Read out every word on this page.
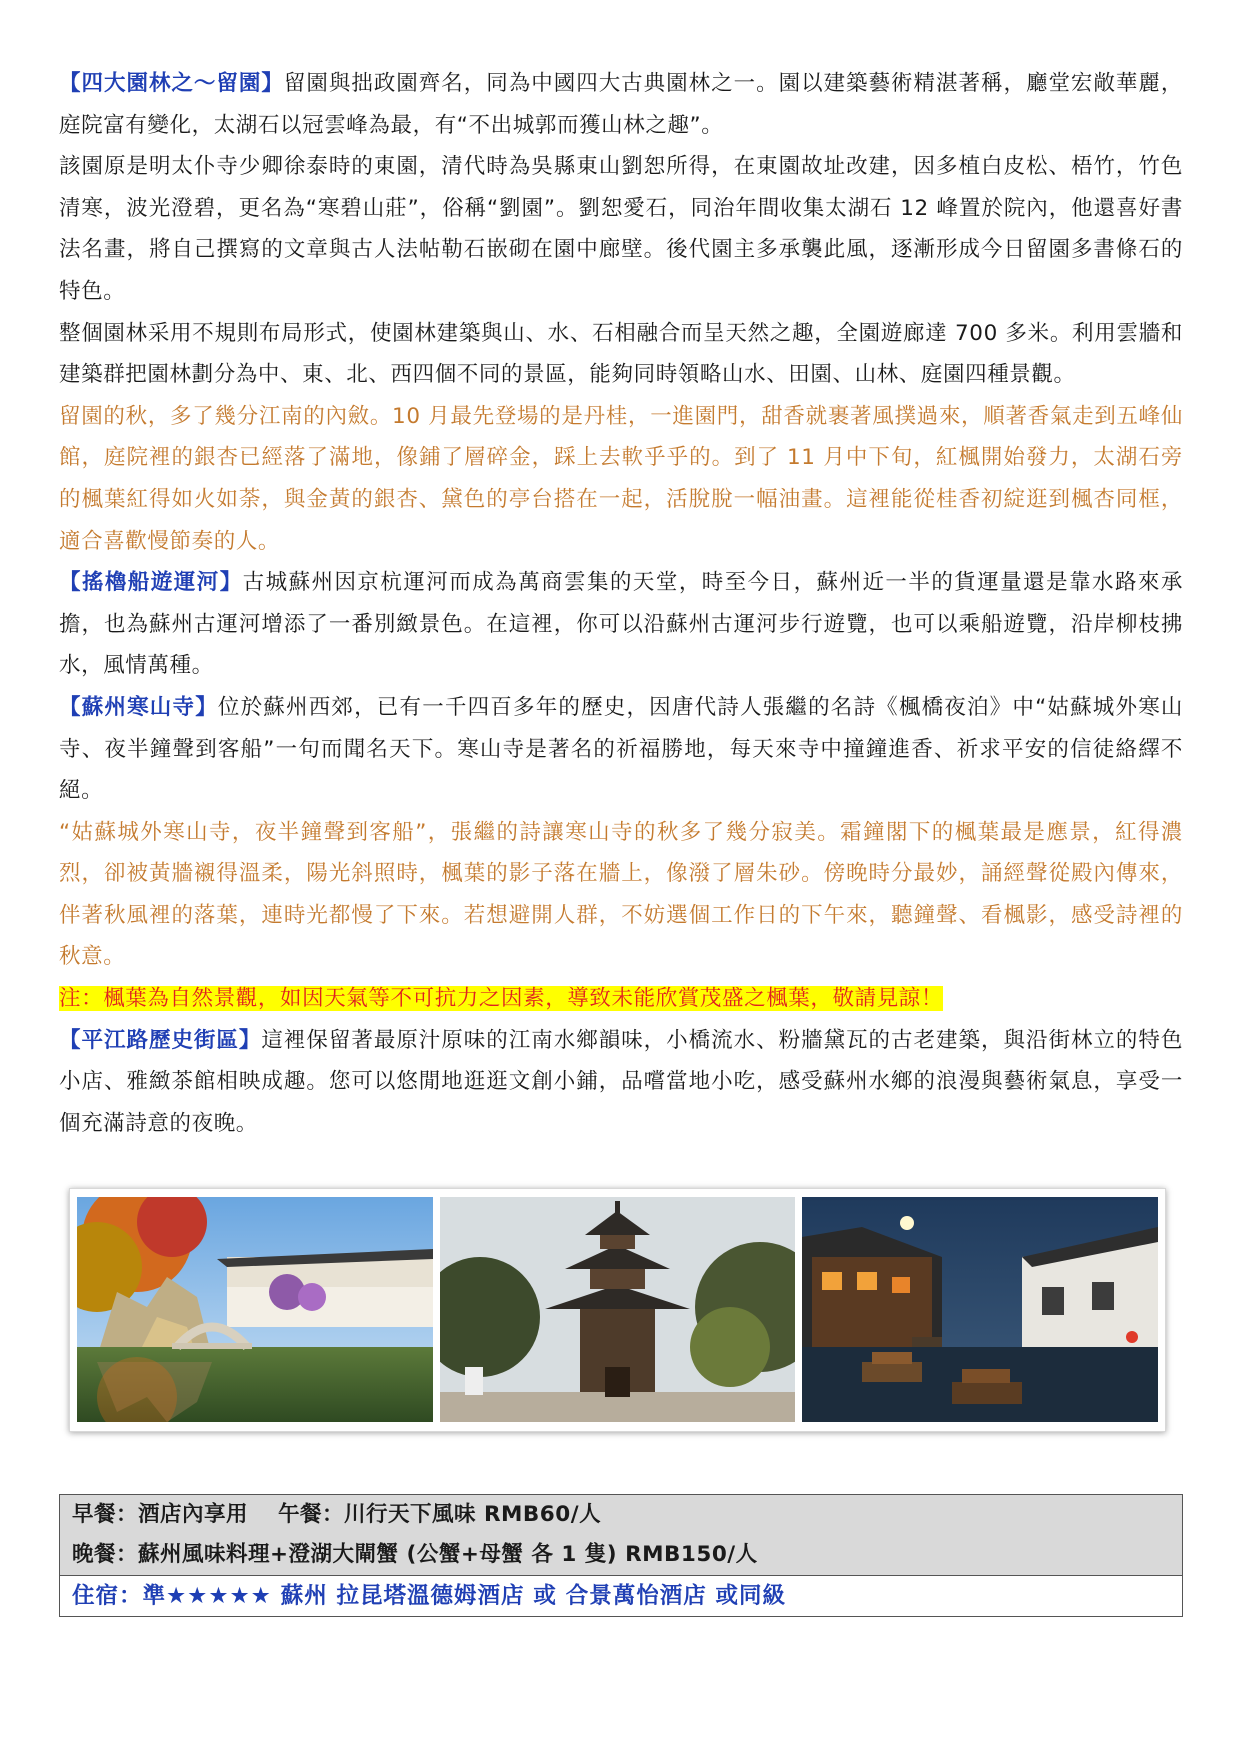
【四大園林之～留園】留園與拙政園齊名，同為中國四大古典園林之一。園以建築藝術精湛著稱，廳堂宏敞華麗，庭院富有變化，太湖石以冠雲峰為最，有“不出城郭而獲山林之趣”。

該園原是明太仆寺少卿徐泰時的東園，清代時為吳縣東山劉恕所得，在東園故址改建，因多植白皮松、梧竹，竹色清寒，波光澄碧，更名為“寒碧山莊”，俗稱“劉園”。劉恕愛石，同治年間收集太湖石 12 峰置於院內，他還喜好書法名畫，將自己撰寫的文章與古人法帖勒石嵌砌在園中廊壁。後代園主多承襲此風，逐漸形成今日留園多書條石的特色。

整個園林采用不規則布局形式，使園林建築與山、水、石相融合而呈天然之趣，全園遊廊達 700 多米。利用雲牆和建築群把園林劃分為中、東、北、西四個不同的景區，能夠同時領略山水、田園、山林、庭園四種景觀。

留園的秋，多了幾分江南的內斂。10 月最先登場的是丹桂，一進園門，甜香就裹著風撲過來，順著香氣走到五峰仙館，庭院裡的銀杏已經落了滿地，像鋪了層碎金，踩上去軟乎乎的。到了 11 月中下旬，紅楓開始發力，太湖石旁的楓葉紅得如火如荼，與金黃的銀杏、黛色的亭台搭在一起，活脫脫一幅油畫。這裡能從桂香初綻逛到楓杏同框， 適合喜歡慢節奏的人。

【搖櫓船遊運河】古城蘇州因京杭運河而成為萬商雲集的天堂，時至今日，蘇州近一半的貨運量還是靠水路來承擔，也為蘇州古運河增添了一番別緻景色。在這裡，你可以沿蘇州古運河步行遊覽，也可以乘船遊覽，沿岸柳枝拂水，風情萬種。

【蘇州寒山寺】位於蘇州西郊，已有一千四百多年的歷史，因唐代詩人張繼的名詩《楓橋夜泊》中“姑蘇城外寒山寺、夜半鐘聲到客船”一句而聞名天下。寒山寺是著名的祈福勝地，每天來寺中撞鐘進香、祈求平安的信徒絡繹不絕。

“姑蘇城外寒山寺，夜半鐘聲到客船”，張繼的詩讓寒山寺的秋多了幾分寂美。霜鐘閣下的楓葉最是應景，紅得濃烈，卻被黃牆襯得溫柔，陽光斜照時，楓葉的影子落在牆上，像潑了層朱砂。傍晚時分最妙，誦經聲從殿內傳來， 伴著秋風裡的落葉，連時光都慢了下來。若想避開人群，不妨選個工作日的下午來，聽鐘聲、看楓影，感受詩裡的秋意。

注：楓葉為自然景觀，如因天氣等不可抗力之因素，導致未能欣賞茂盛之楓葉，敬請見諒！

【平江路歷史街區】這裡保留著最原汁原味的江南水鄉韻味，小橋流水、粉牆黛瓦的古老建築，與沿街林立的特色小店、雅緻茶館相映成趣。您可以悠閒地逛逛文創小鋪，品嚐當地小吃，感受蘇州水鄉的浪漫與藝術氣息，享受一個充滿詩意的夜晚。

早餐：酒店內享用　 午餐：川行天下風味 RMB60/人
晚餐：蘇州風味料理+澄湖大閘蟹 (公蟹+母蟹 各 1 隻) RMB150/人
住宿：準★★★★★ 蘇州 拉昆塔溫德姆酒店 或 合景萬怡酒店 或同級
